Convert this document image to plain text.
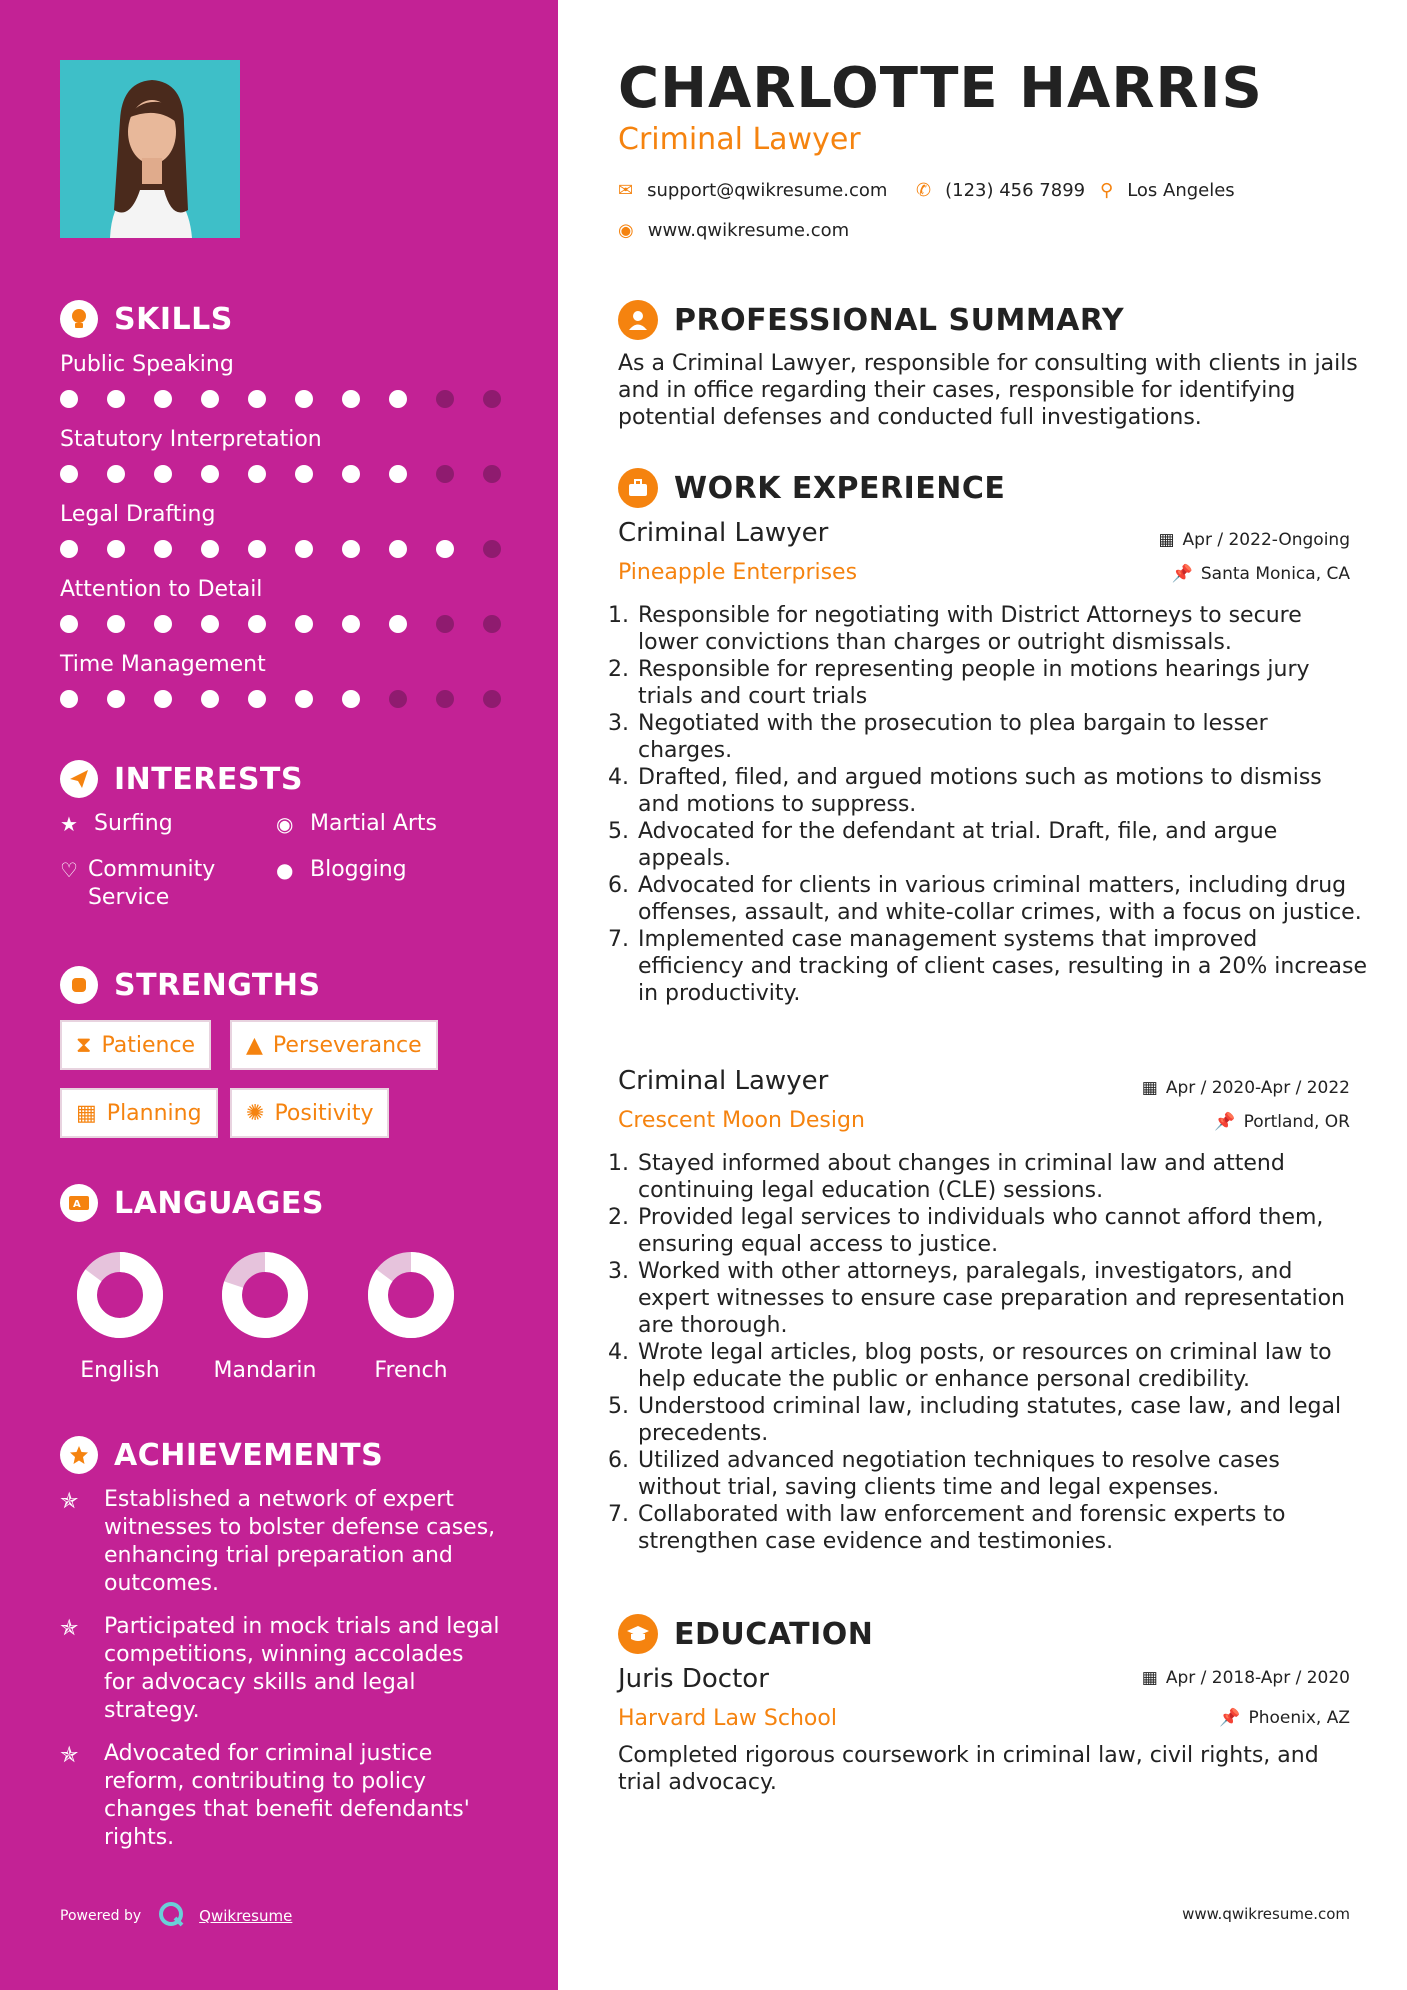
SKILLS
Public Speaking
Statutory Interpretation
Legal Drafting
Attention to Detail
Time Management
INTERESTS
★ Surfing	◉ Martial Arts
♡ Community Service
● Blogging
STRENGTHS
⧗ Patience ▲ Perseverance
▦ Planning ✺ Positivity
A LANGUAGES
English	Mandarin	French
ACHIEVEMENTS
✯	Established a network of expert witnesses to bolster defense cases, enhancing trial preparation and outcomes.
✯	Participated in mock trials and legal competitions, winning accolades for advocacy skills and legal strategy.
✯	Advocated for criminal justice reform, contributing to policy changes that benefit defendants' rights.
Powered by	Qwikresume
CHARLOTTE HARRIS
Criminal Lawyer
✉ support@qwikresume.com ✆ (123) 456 7899 ⚲ Los Angeles
◉ www.qwikresume.com
PROFESSIONAL SUMMARY
As a Criminal Lawyer, responsible for consulting with clients in jails and in office regarding their cases, responsible for identifying potential defenses and conducted full investigations.
WORK EXPERIENCE
Criminal Lawyer
Pineapple Enterprises
▦ Apr / 2022-Ongoing
📌 Santa Monica, CA
1. Responsible for negotiating with District Attorneys to secure lower convictions than charges or outright dismissals.
2. Responsible for representing people in motions hearings jury trials and court trials
3. Negotiated with the prosecution to plea bargain to lesser charges.
4. Drafted, filed, and argued motions such as motions to dismiss and motions to suppress.
5. Advocated for the defendant at trial. Draft, file, and argue appeals.
6. Advocated for clients in various criminal matters, including drug offenses, assault, and white-collar crimes, with a focus on justice.
7. Implemented case management systems that improved efficiency and tracking of client cases, resulting in a 20% increase in productivity.
Criminal Lawyer
Crescent Moon Design
▦ Apr / 2020-Apr / 2022
📌 Portland, OR
1. Stayed informed about changes in criminal law and attend continuing legal education (CLE) sessions.
2. Provided legal services to individuals who cannot afford them, ensuring equal access to justice.
3. Worked with other attorneys, paralegals, investigators, and expert witnesses to ensure case preparation and representation are thorough.
4. Wrote legal articles, blog posts, or resources on criminal law to help educate the public or enhance personal credibility.
5. Understood criminal law, including statutes, case law, and legal precedents.
6. Utilized advanced negotiation techniques to resolve cases without trial, saving clients time and legal expenses.
7. Collaborated with law enforcement and forensic experts to strengthen case evidence and testimonies.
EDUCATION
Juris Doctor
Harvard Law School
▦ Apr / 2018-Apr / 2020
📌 Phoenix, AZ
Completed rigorous coursework in criminal law, civil rights, and trial advocacy.
www.qwikresume.com
